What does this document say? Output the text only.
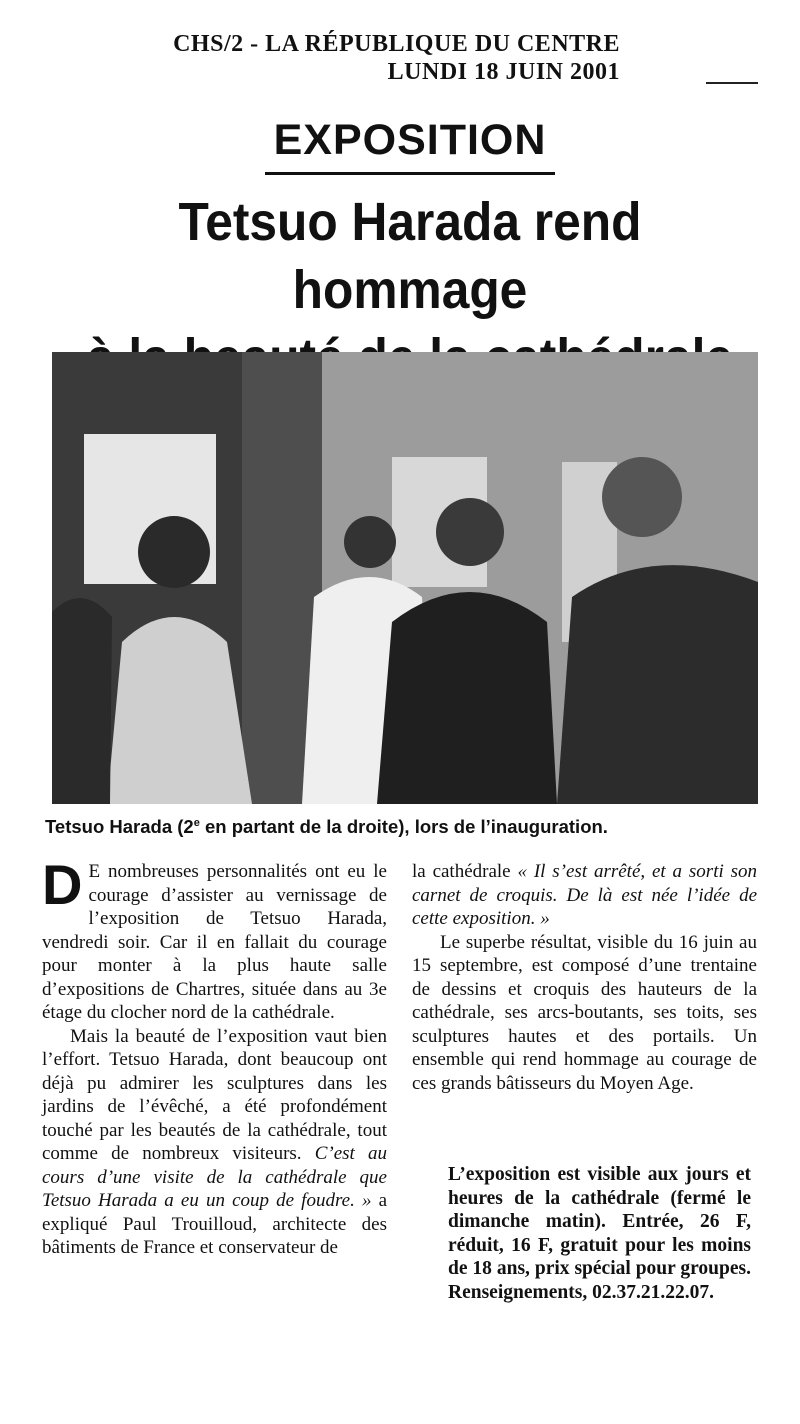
CHS/2 - LA RÉPUBLIQUE DU CENTRE
LUNDI 18 JUIN 2001
EXPOSITION
Tetsuo Harada rend hommage
Tetsuo Harada (2e en partant de la droite), lors de l’inauguration.

D E nombreuses personnalités ont eu le courage d’assister au vernissage de l’exposition de Tetsuo Harada, vendredi soir. Car il en fallait du courage pour monter à la plus haute salle d’expositions de Chartres, située dans au 3e étage du clocher nord de la cathédrale.

Mais la beauté de l’exposition vaut bien l’effort. Tetsuo Harada, dont beaucoup ont déjà pu admirer les sculptures dans les jardins de l’évêché, a été profondément touché par les beautés de la cathédrale, tout comme de nombreux visiteurs. C’est au cours d’une visite de la cathédrale que Tetsuo Harada a eu un coup de foudre. » a expliqué Paul Trouilloud, architecte des bâtiments de France et conservateur de

la cathédrale « Il s’est arrêté, et a sorti son carnet de croquis. De là est née l’idée de cette exposition. »

Le superbe résultat, visible du 16 juin au 15 septembre, est composé d’une trentaine de dessins et croquis des hauteurs de la cathédrale, ses arcs-boutants, ses toits, ses sculptures hautes et des portails. Un ensemble qui rend hommage au courage de ces grands bâtisseurs du Moyen Age.

L’exposition est visible aux jours et heures de la cathédrale (fermé le dimanche matin). Entrée, 26 F, réduit, 16 F, gratuit pour les moins de 18 ans, prix spécial pour groupes. Renseignements, 02.37.21.22.07.
